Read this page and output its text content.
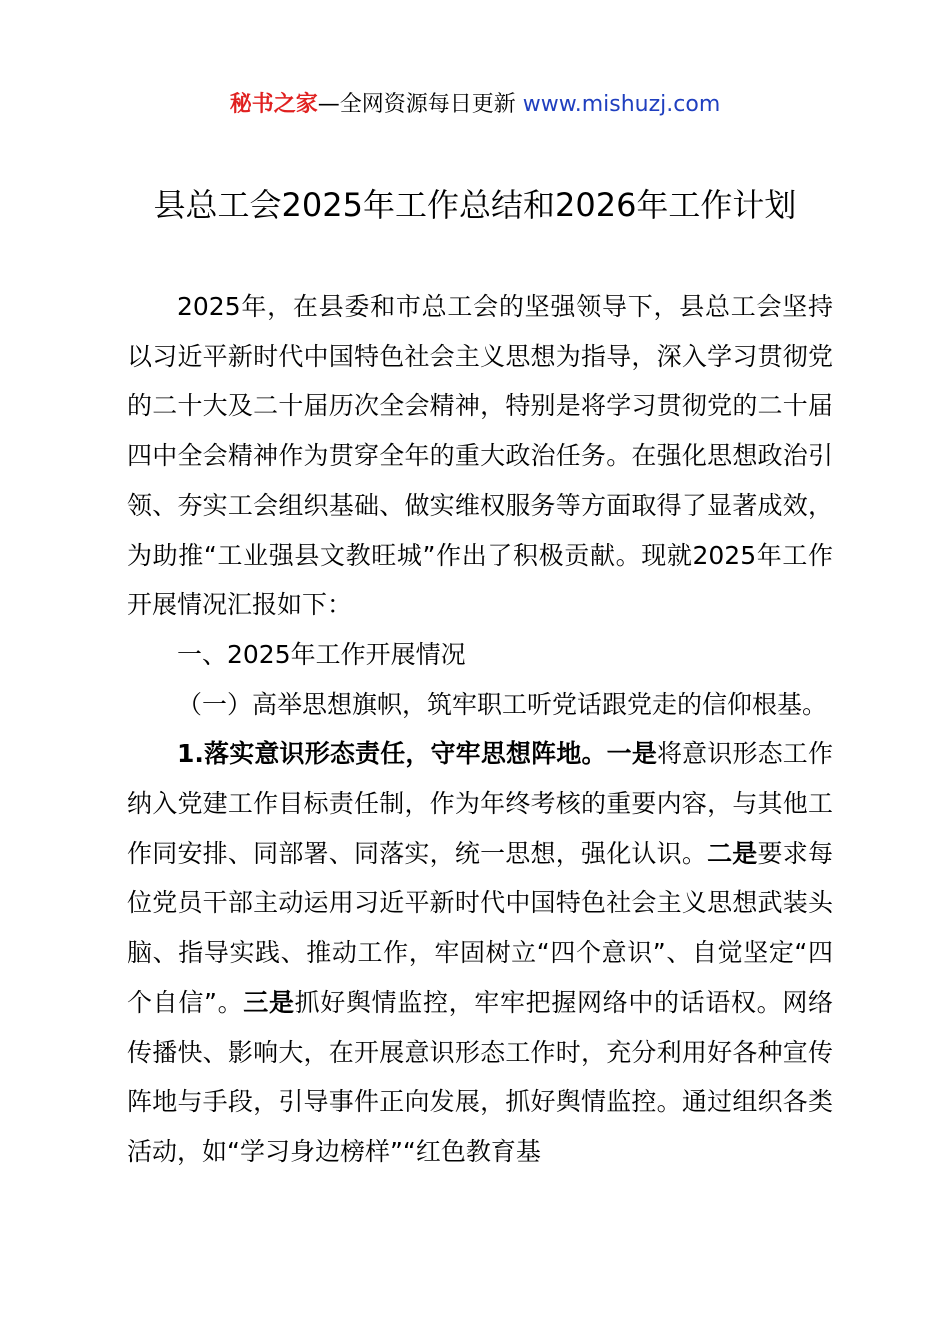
秘书之家—全网资源每日更新 www.mishuzj.com
县总工会2025年工作总结和2026年工作计划

2025年，在县委和市总工会的坚强领导下，县总工会坚持以习近平新时代中国特色社会主义思想为指导，深入学习贯彻党的二十大及二十届历次全会精神，特别是将学习贯彻党的二十届四中全会精神作为贯穿全年的重大政治任务。在强化思想政治引领、夯实工会组织基础、做实维权服务等方面取得了显著成效，为助推“工业强县文教旺城”作出了积极贡献。现就2025年工作开展情况汇报如下：

一、2025年工作开展情况

（一）高举思想旗帜，筑牢职工听党话跟党走的信仰根基。

1.落实意识形态责任，守牢思想阵地。一是将意识形态工作纳入党建工作目标责任制，作为年终考核的重要内容，与其他工作同安排、同部署、同落实，统一思想，强化认识。二是要求每位党员干部主动运用习近平新时代中国特色社会主义思想武装头脑、指导实践、推动工作，牢固树立“四个意识”、自觉坚定“四个自信”。三是抓好舆情监控，牢牢把握网络中的话语权。网络传播快、影响大，在开展意识形态工作时，充分利用好各种宣传阵地与手段，引导事件正向发展，抓好舆情监控。通过组织各类活动，如“学习身边榜样”“红色教育基
